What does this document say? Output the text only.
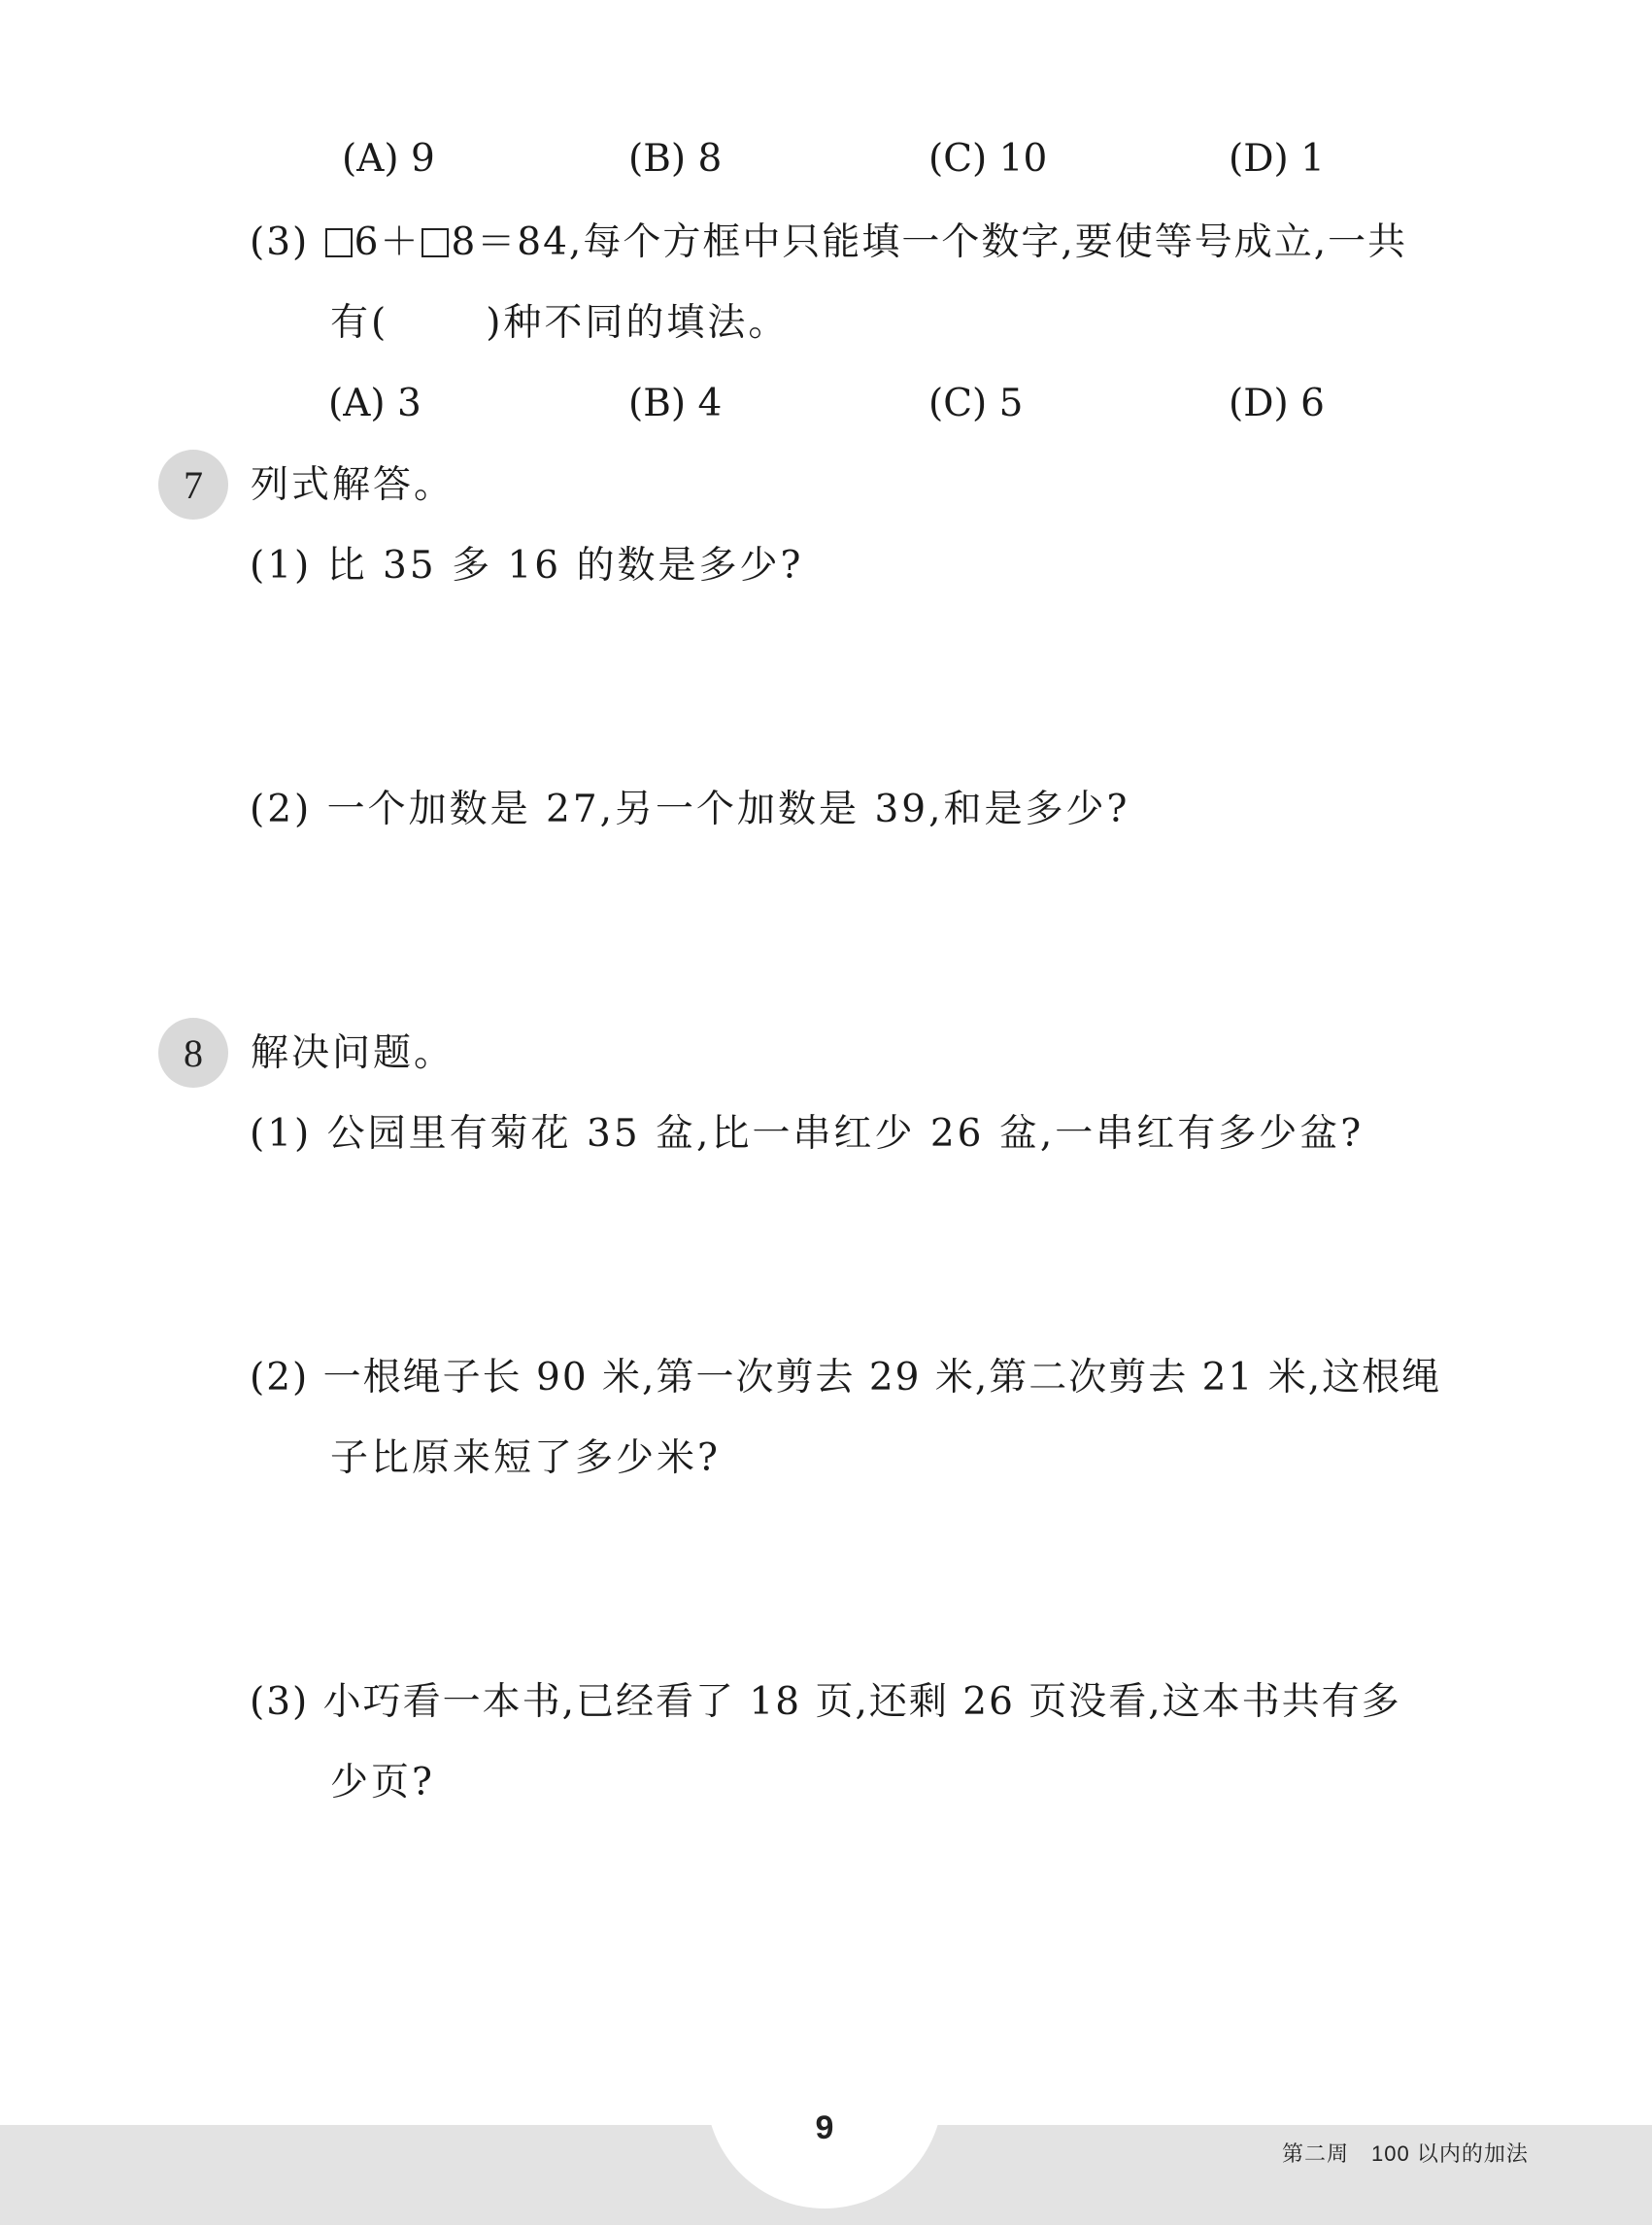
(A) 9	(B) 8	(C) 10	(D) 1
(3) 6＋ 8＝84,每个方框中只能填一个数字,要使等号成立,一共
有(	)种不同的填法。
(A) 3	(B) 4	(C) 5	(D) 6
7	列式解答。
(1) 比 35 多 16 的数是多少?
(2) 一个加数是 27,另一个加数是 39,和是多少?
8	解决问题。
(1) 公园里有菊花 35 盆,比一串红少 26 盆,一串红有多少盆?
(2) 一根绳子长 90 米,第一次剪去 29 米,第二次剪去 21 米,这根绳
子比原来短了多少米?
(3) 小巧看一本书,已经看了 18 页,还剩 26 页没看,这本书共有多
少页?
9
第二周　100 以内的加法
